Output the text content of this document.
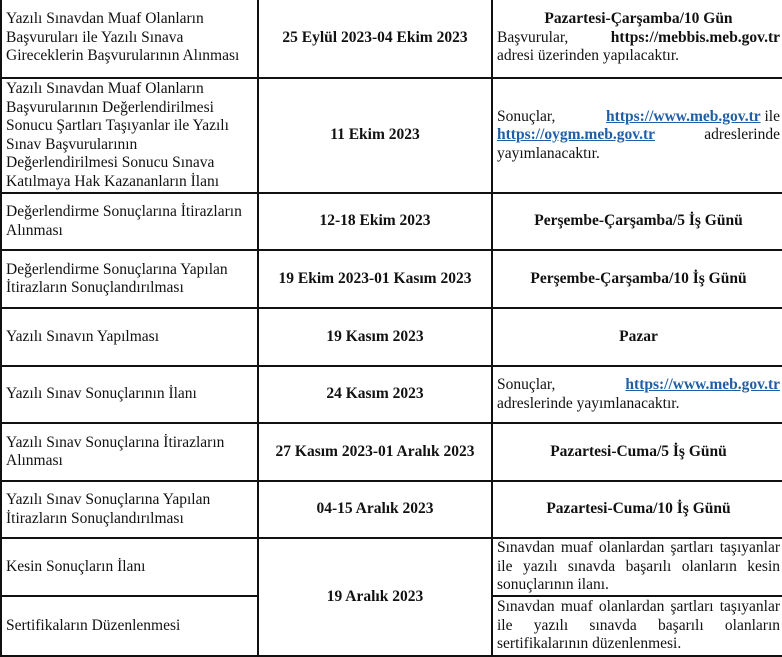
Yazılı Sınavdan Muaf Olanların Başvuruları ile Yazılı Sınava Gireceklerin Başvurularının Alınması	25 Eylül 2023-04 Ekim 2023	Pazartesi-Çarşamba/10 Gün
Başvurular, https://mebbis.meb.gov.tr
adresi üzerinden yapılacaktır.

Yazılı Sınavdan Muaf Olanların Başvurularının Değerlendirilmesi Sonucu Şartları Taşıyanlar ile Yazılı Sınav Başvurularının Değerlendirilmesi Sonucu Sınava Katılmaya Hak Kazananların İlanı	11 Ekim 2023	Sonuçlar, https://www.meb.gov.tr ile
https://oygm.meb.gov.tr adreslerinde
yayımlanacaktır.

Değerlendirme Sonuçlarına İtirazların Alınması	12-18 Ekim 2023	Perşembe-Çarşamba/5 İş Günü
Değerlendirme Sonuçlarına Yapılan İtirazların Sonuçlandırılması	19 Ekim 2023-01 Kasım 2023	Perşembe-Çarşamba/10 İş Günü
Yazılı Sınavın Yapılması	19 Kasım 2023	Pazar
Yazılı Sınav Sonuçlarının İlanı	24 Kasım 2023	Sonuçlar, https://www.meb.gov.tr
adreslerinde yayımlanacaktır.

Yazılı Sınav Sonuçlarına İtirazların Alınması	27 Kasım 2023-01 Aralık 2023	Pazartesi-Cuma/5 İş Günü
Yazılı Sınav Sonuçlarına Yapılan İtirazların Sonuçlandırılması	04-15 Aralık 2023	Pazartesi-Cuma/10 İş Günü
Kesin Sonuçların İlanı	19 Aralık 2023	Sınavdan muaf olanlardan şartları taşıyanlar ile yazılı sınavda başarılı olanların kesin sonuçlarının ilanı.
Sertifikaların Düzenlenmesi		Sınavdan muaf olanlardan şartları taşıyanlar ile yazılı sınavda başarılı olanların sertifikalarının düzenlenmesi.
